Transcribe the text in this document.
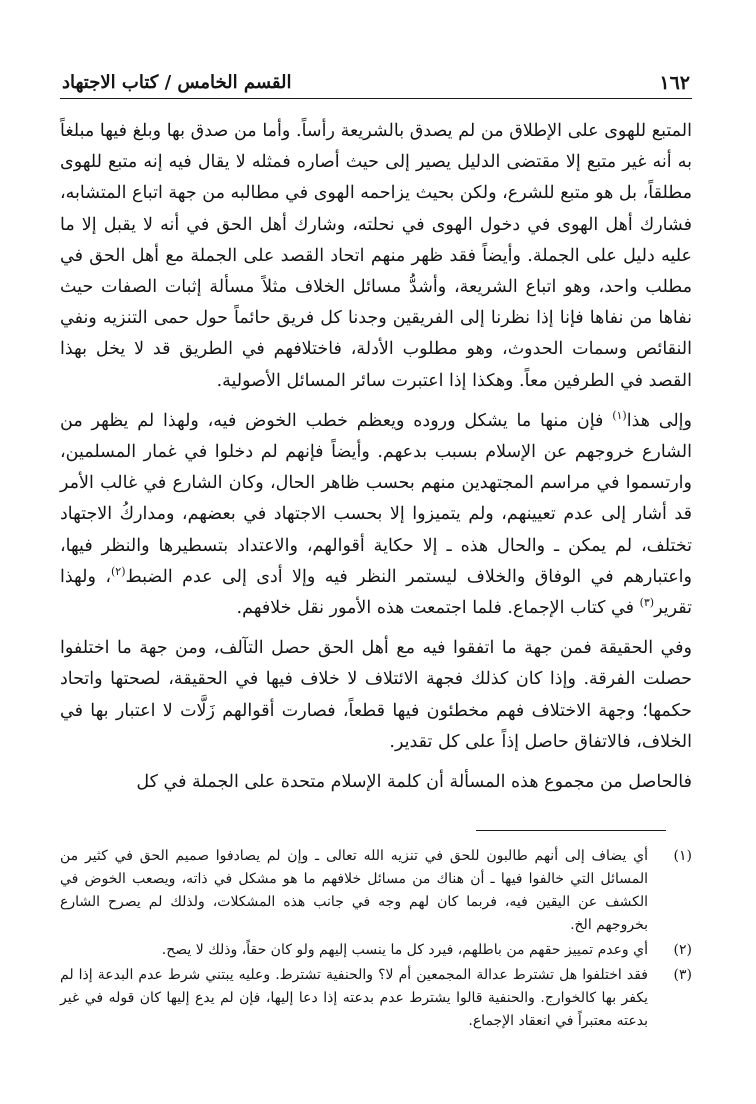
١٦٢
القسم الخامس / كتاب الاجتهاد

المتبع للهوى على الإطلاق من لم يصدق بالشريعة رأساً. وأما من صدق بها وبلغ فيها مبلغاً به أنه غير متبع إلا مقتضى الدليل يصير إلى حيث أصاره فمثله لا يقال فيه إنه متبع للهوى مطلقاً، بل هو متبع للشرع، ولكن بحيث يزاحمه الهوى في مطالبه من جهة اتباع المتشابه، فشارك أهل الهوى في دخول الهوى في نحلته، وشارك أهل الحق في أنه لا يقبل إلا ما عليه دليل على الجملة. وأيضاً فقد ظهر منهم اتحاد القصد على الجملة مع أهل الحق في مطلب واحد، وهو اتباع الشريعة، وأشدُّ مسائل الخلاف مثلاً مسألة إثبات الصفات حيث نفاها من نفاها فإنا إذا نظرنا إلى الفريقين وجدنا كل فريق حائماً حول حمى التنزيه ونفي النقائص وسمات الحدوث، وهو مطلوب الأدلة، فاختلافهم في الطريق قد لا يخل بهذا القصد في الطرفين معاً. وهكذا إذا اعتبرت سائر المسائل الأصولية.

وإلى هذا$^{(١)}$ فإن منها ما يشكل وروده ويعظم خطب الخوض فيه، ولهذا لم يظهر من الشارع خروجهم عن الإسلام بسبب بدعهم. وأيضاً فإنهم لم دخلوا في غمار المسلمين، وارتسموا في مراسم المجتهدين منهم بحسب ظاهر الحال، وكان الشارع في غالب الأمر قد أشار إلى عدم تعيينهم، ولم يتميزوا إلا بحسب الاجتهاد في بعضهم، ومداركُ الاجتهاد تختلف، لم يمكن ـ والحال هذه ـ إلا حكاية أقوالهم، والاعتداد بتسطيرها والنظر فيها، واعتبارهم في الوفاق والخلاف ليستمر النظر فيه وإلا أدى إلى عدم الضبط$^{(٢)}$، ولهذا تقرير$^{(٣)}$ في كتاب الإجماع. فلما اجتمعت هذه الأمور نقل خلافهم.

وفي الحقيقة فمن جهة ما اتفقوا فيه مع أهل الحق حصل التآلف، ومن جهة ما اختلفوا حصلت الفرقة. وإذا كان كذلك فجهة الائتلاف لا خلاف فيها في الحقيقة، لصحتها واتحاد حكمها؛ وجهة الاختلاف فهم مخطئون فيها قطعاً، فصارت أقوالهم زَلَّات لا اعتبار بها في الخلاف، فالاتفاق حاصل إذاً على كل تقدير.

فالحاصل من مجموع هذه المسألة أن كلمة الإسلام متحدة على الجملة في كل

(١)
أي يضاف إلى أنهم طالبون للحق في تنزيه الله تعالى ـ وإن لم يصادفوا صميم الحق في كثير من المسائل التي خالفوا فيها ـ أن هناك من مسائل خلافهم ما هو مشكل في ذاته، ويصعب الخوض في الكشف عن اليقين فيه، فربما كان لهم وجه في جانب هذه المشكلات، ولذلك لم يصرح الشارع بخروجهم الخ.
(٢)
أي وعدم تمييز حقهم من باطلهم، فيرد كل ما ينسب إليهم ولو كان حقاً، وذلك لا يصح.
(٣)
فقد اختلفوا هل تشترط عدالة المجمعين أم لا؟ والحنفية تشترط. وعليه يبتني شرط عدم البدعة إذا لم يكفر بها كالخوارج. والحنفية قالوا يشترط عدم بدعته إذا دعا إليها، فإن لم يدع إليها كان قوله في غير بدعته معتبراً في انعقاد الإجماع.
